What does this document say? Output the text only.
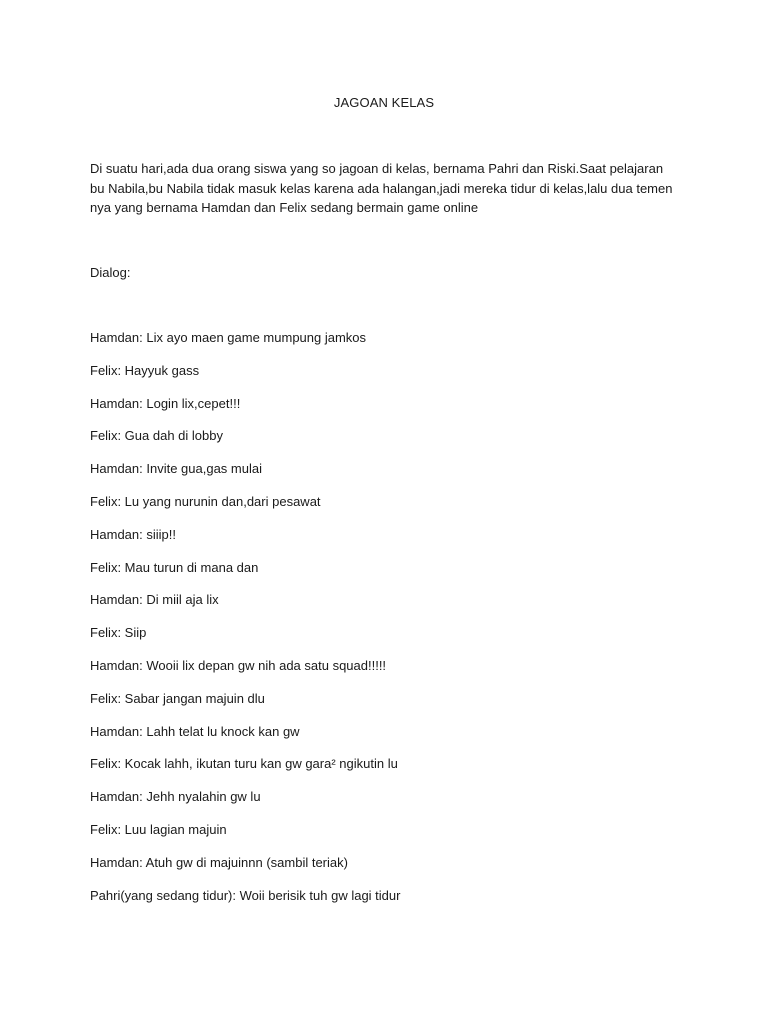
JAGOAN KELAS
Di suatu hari,ada dua orang siswa yang so jagoan di kelas, bernama Pahri dan Riski.Saat pelajaran bu Nabila,bu Nabila tidak masuk kelas karena ada halangan,jadi mereka tidur di kelas,lalu dua temen nya yang bernama Hamdan dan Felix sedang bermain game online
Dialog:
Hamdan: Lix ayo maen game mumpung jamkos
Felix: Hayyuk gass
Hamdan: Login lix,cepet!!!
Felix: Gua dah di lobby
Hamdan: Invite gua,gas mulai
Felix: Lu yang nurunin dan,dari pesawat
Hamdan: siiip!!
Felix: Mau turun di mana dan
Hamdan: Di miil aja lix
Felix: Siip
Hamdan: Wooii lix depan gw nih ada satu squad!!!!!
Felix: Sabar jangan majuin dlu
Hamdan: Lahh telat lu knock kan gw
Felix: Kocak lahh, ikutan turu kan gw gara² ngikutin lu
Hamdan: Jehh nyalahin gw lu
Felix: Luu lagian majuin
Hamdan: Atuh gw di majuinnn (sambil teriak)
Pahri(yang sedang tidur): Woii berisik tuh gw lagi tidur
